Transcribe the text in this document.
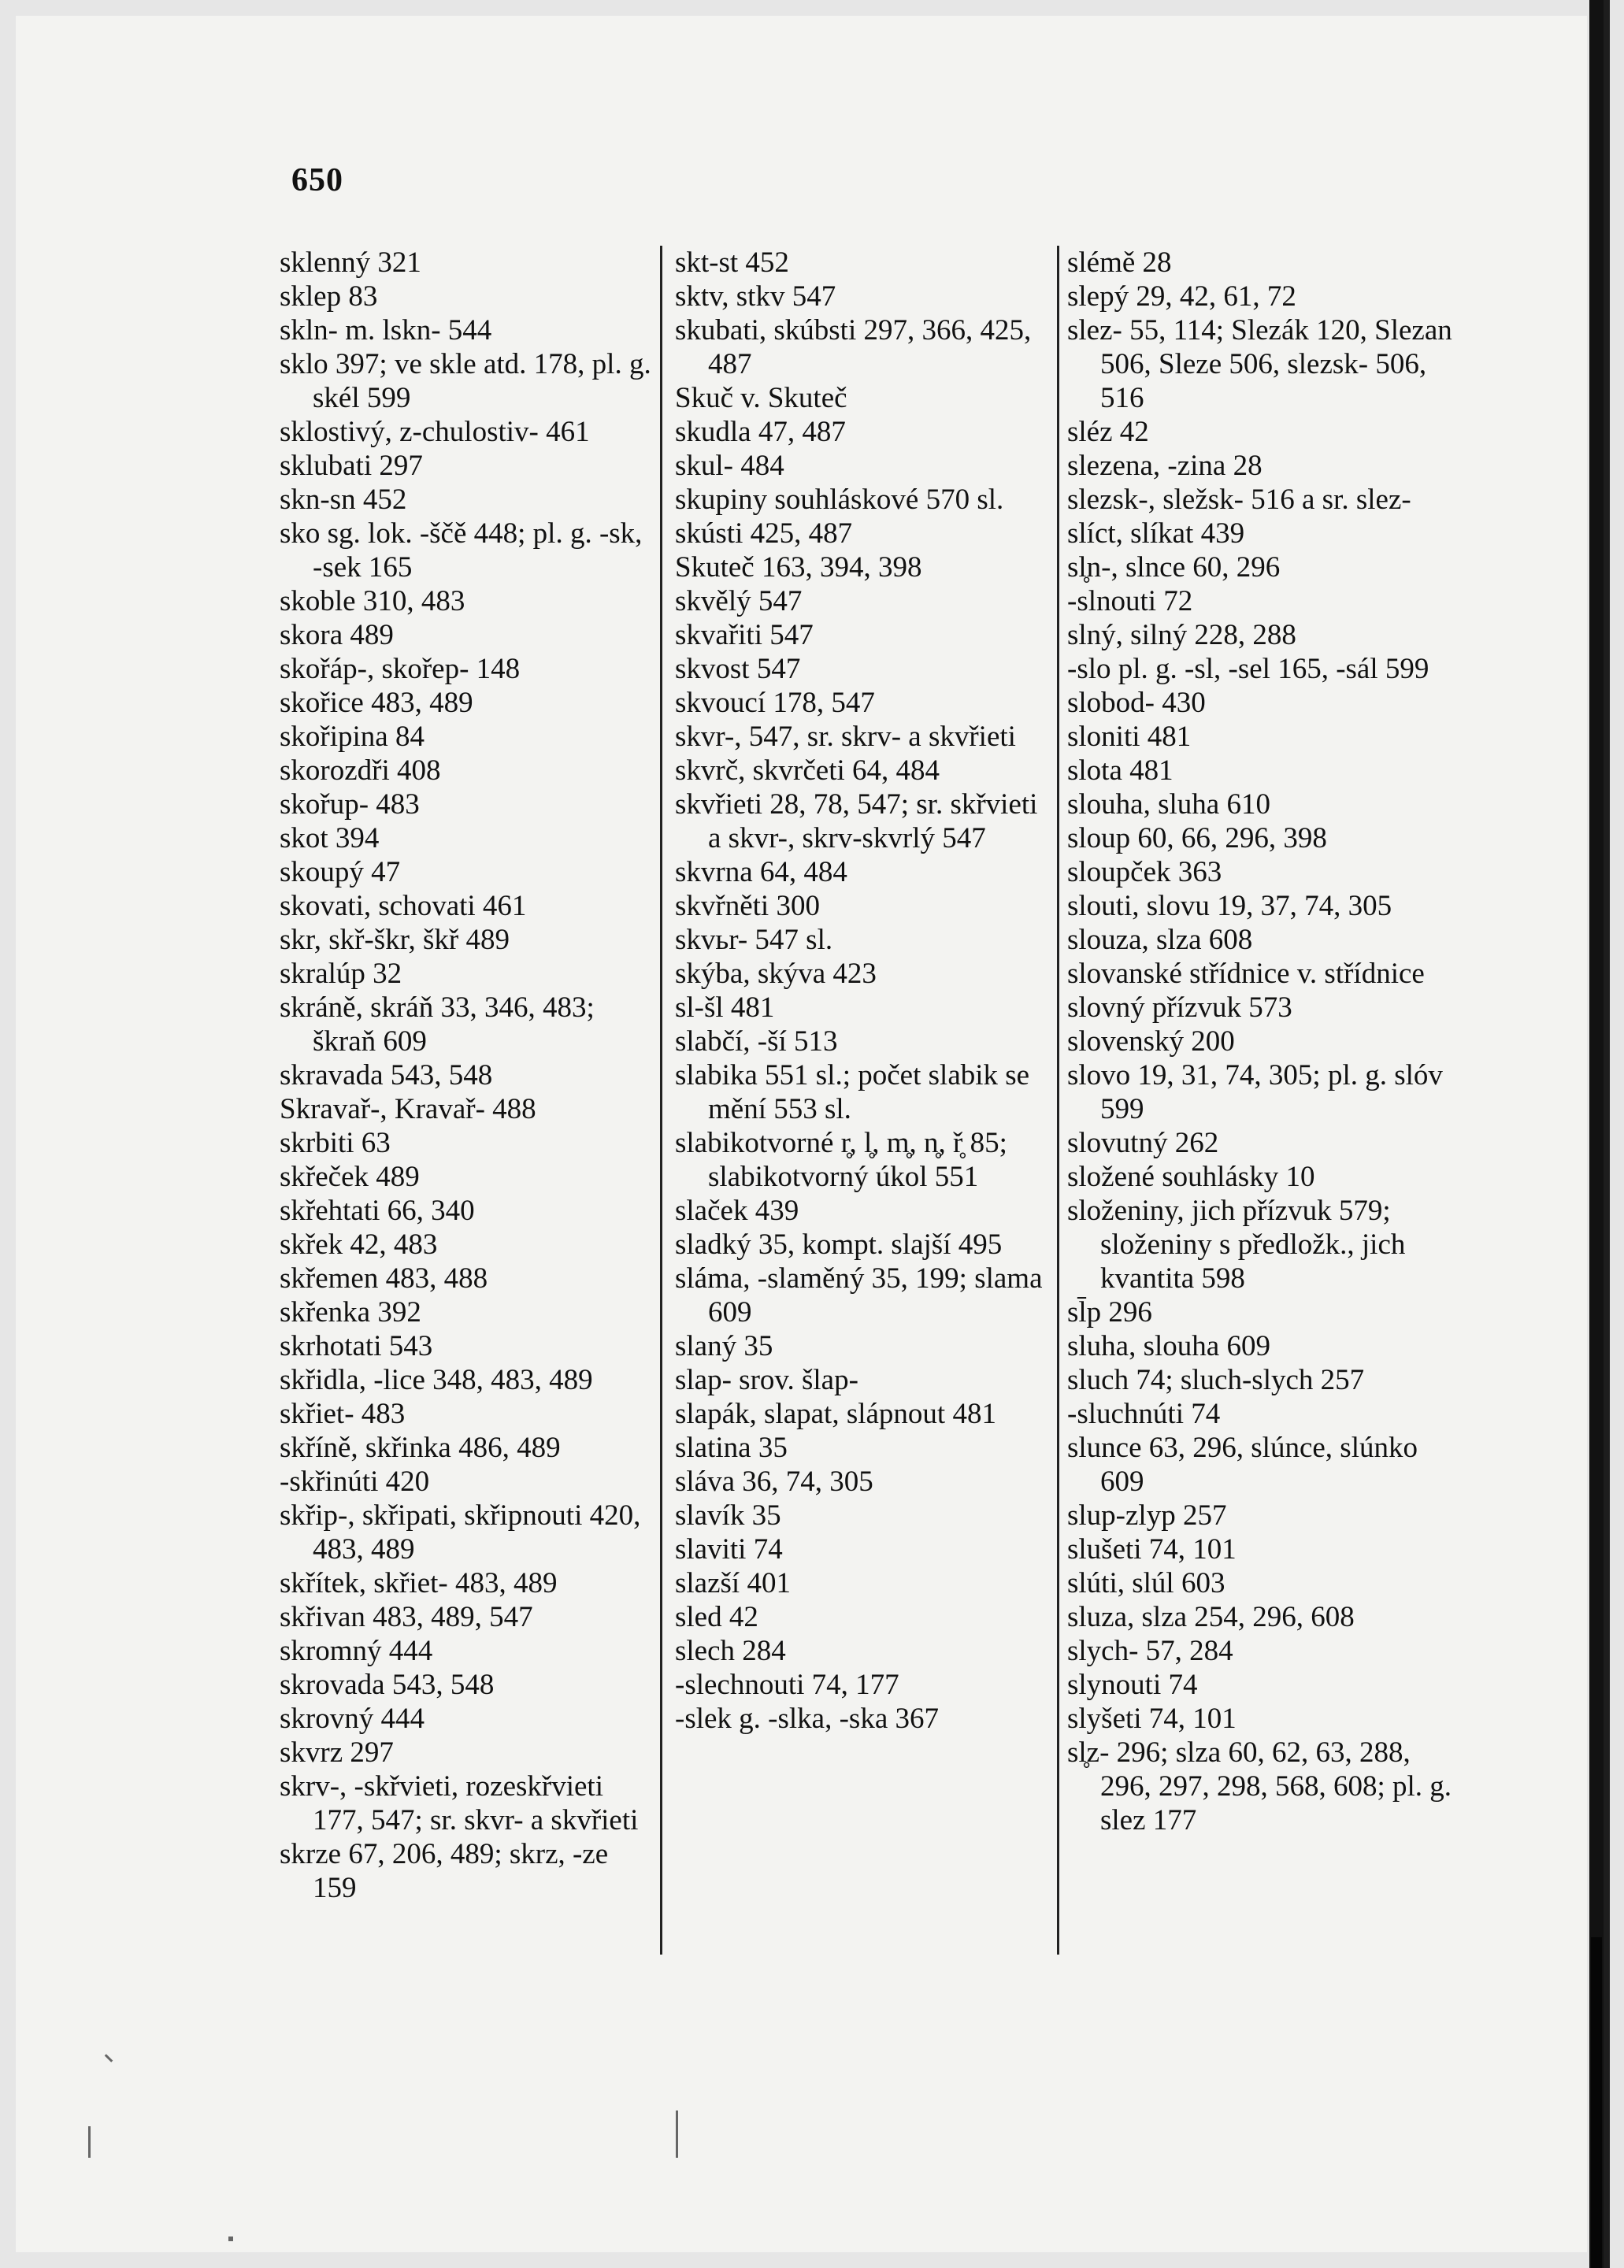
650

sklenný 321

sklep 83

skln- m. lskn- 544

sklo 397; ve skle atd. 178, pl. g. skél 599

sklostivý, z-chulostiv- 461

sklubati 297

skn-sn 452

sko sg. lok. -ščě 448; pl. g. -sk, -sek 165

skoble 310, 483

skora 489

skořáp-, skořep- 148

skořice 483, 489

skořipina 84

skorozdři 408

skořup- 483

skot 394

skoupý 47

skovati, schovati 461

skr, skř-škr, škř 489

skralúp 32

skráně, skráň 33, 346, 483; škraň 609

skravada 543, 548

Skravař-, Kravař- 488

skrbiti 63

skřeček 489

skřehtati 66, 340

skřek 42, 483

skřemen 483, 488

skřenka 392

skrhotati 543

skřidla, -lice 348, 483, 489

skřiet- 483

skříně, skřinka 486, 489

-skřinúti 420

skřip-, skřipati, skřipnouti 420, 483, 489

skřítek, skřiet- 483, 489

skřivan 483, 489, 547

skromný 444

skrovada 543, 548

skrovný 444

skvrz 297

skrv-, -skřvieti, rozeskřvieti 177, 547; sr. skvr- a skvřieti

skrze 67, 206, 489; skrz, -ze 159

skt-st 452

sktv, stkv 547

skubati, skúbsti 297, 366, 425, 487

Skuč v. Skuteč

skudla 47, 487

skul- 484

skupiny souhláskové 570 sl.

skústi 425, 487

Skuteč 163, 394, 398

skvělý 547

skvařiti 547

skvost 547

skvoucí 178, 547

skvr-, 547, sr. skrv- a skvřieti

skvrč, skvrčeti 64, 484

skvřieti 28, 78, 547; sr. skřvieti a skvr-, skrv-skvrlý 547

skvrna 64, 484

skvřněti 300

skvьr- 547 sl.

skýba, skýva 423

sl-šl 481

slabčí, -ší 513

slabika 551 sl.; počet slabik se mění 553 sl.

slabikotvorné r̥, l̥, m̥, n̥, ř̥ 85; slabikotvorný úkol 551

slaček 439

sladký 35, kompt. slajší 495

sláma, -slaměný 35, 199; slama 609

slaný 35

slap- srov. šlap-

slapák, slapat, slápnout 481

slatina 35

sláva 36, 74, 305

slavík 35

slaviti 74

slazší 401

sled 42

slech 284

-slechnouti 74, 177

-slek g. -slka, -ska 367

slémě 28

slepý 29, 42, 61, 72

slez- 55, 114; Slezák 120, Slezan 506, Sleze 506, slezsk- 506, 516

sléz 42

slezena, -zina 28

slezsk-, sležsk- 516 a sr. slez-

slíct, slíkat 439

sl̥n-, slnce 60, 296

-slnouti 72

slný, silný 228, 288

-slo pl. g. -sl, -sel 165, -sál 599

slobod- 430

sloniti 481

slota 481

slouha, sluha 610

sloup 60, 66, 296, 398

sloupček 363

slouti, slovu 19, 37, 74, 305

slouza, slza 608

slovanské střídnice v. střídnice

slovný přízvuk 573

slovenský 200

slovo 19, 31, 74, 305; pl. g. slóv 599

slovutný 262

složené souhlásky 10

složeniny, jich přízvuk 579; složeniny s předložk., jich kvantita 598

sl̄p 296

sluha, slouha 609

sluch 74; sluch-slych 257

-sluchnúti 74

slunce 63, 296, slúnce, slúnko 609

slup-zlyp 257

slušeti 74, 101

slúti, slúl 603

sluza, slza 254, 296, 608

slych- 57, 284

slynouti 74

slyšeti 74, 101

sl̥z- 296; slza 60, 62, 63, 288, 296, 297, 298, 568, 608; pl. g. slez 177
